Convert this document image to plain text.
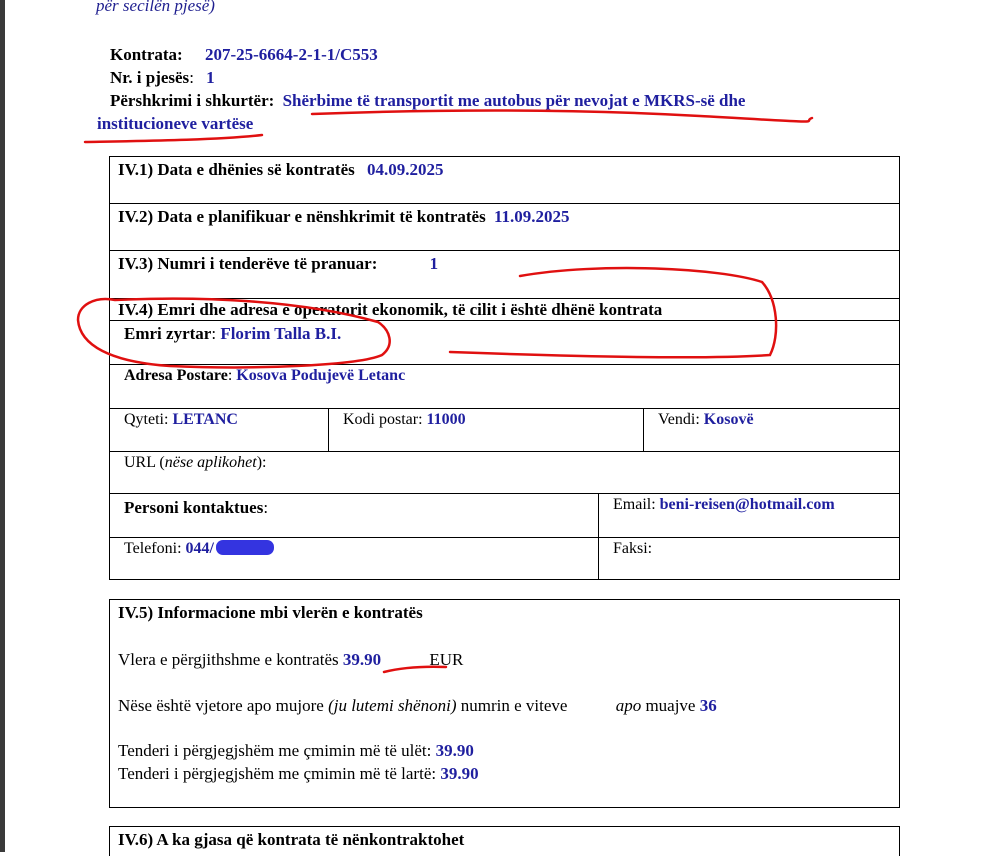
për secilën pjesë)
Kontrata: 207-25-6664-2-1-1/C553
Nr. i pjesës: 1
Përshkrimi i shkurtër: Shërbime të transportit me autobus për nevojat e MKRS-së dhe
institucioneve vartëse
IV.1) Data e dhënies së kontratës 04.09.2025
IV.2) Data e planifikuar e nënshkrimit të kontratës 11.09.2025
IV.3) Numri i tenderëve të pranuar:	1
IV.4) Emri dhe adresa e operatorit ekonomik, të cilit i është dhënë kontrata
Emri zyrtar: Florim Talla B.I.
Adresa Postare: Kosova Podujevë Letanc
Qyteti: LETANC	Kodi postar: 11000	Vendi: Kosovë
URL (nëse aplikohet):
Personi kontaktues:	Email: beni-reisen@hotmail.com
Telefoni: 044/	Faksi:
IV.5) Informacione mbi vlerën e kontratës
Vlera e përgjithshme e kontratës 39.90	EUR
Nëse është vjetore apo mujore (ju lutemi shënoni) numrin e viteve	apo muajve 36
Tenderi i përgjegjshëm me çmimin më të ulët: 39.90
Tenderi i përgjegjshëm me çmimin më të lartë: 39.90
IV.6) A ka gjasa që kontrata të nënkontraktohet
